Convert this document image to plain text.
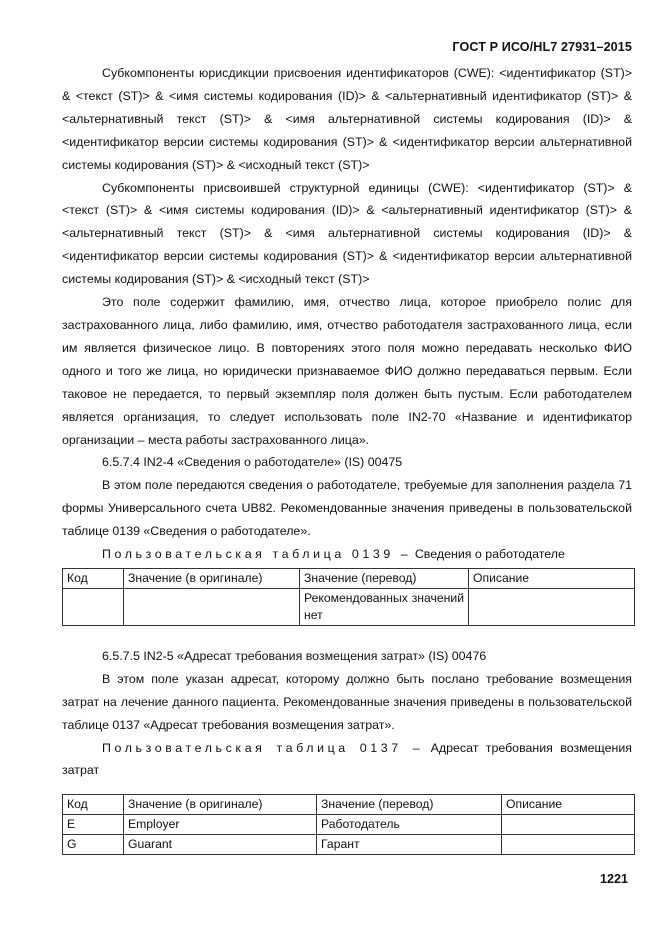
ГОСТ Р ИСО/HL7 27931–2015

Субкомпоненты юрисдикции присвоения идентификаторов (CWE): <идентификатор (ST)> & <текст (ST)> & <имя системы кодирования (ID)> & <альтернативный идентификатор (ST)> & <альтернативный текст (ST)> & <имя альтернативной системы кодирования (ID)> & <идентификатор версии системы кодирования (ST)> & <идентификатор версии альтернативной системы кодирования (ST)> & <исходный текст (ST)>

Субкомпоненты присвоившей структурной единицы (CWE): <идентификатор (ST)> & <текст (ST)> & <имя системы кодирования (ID)> & <альтернативный идентификатор (ST)> & <альтернативный текст (ST)> & <имя альтернативной системы кодирования (ID)> & <идентификатор версии системы кодирования (ST)> & <идентификатор версии альтернативной системы кодирования (ST)> & <исходный текст (ST)>

Это поле содержит фамилию, имя, отчество лица, которое приобрело полис для застрахованного лица, либо фамилию, имя, отчество работодателя застрахованного лица, если им является физическое лицо. В повторениях этого поля можно передавать несколько ФИО одного и того же лица, но юридически признаваемое ФИО должно передаваться первым. Если таковое не передается, то первый экземпляр поля должен быть пустым. Если работодателем является организация, то следует использовать поле IN2-70 «Название и идентификатор организации – места работы застрахованного лица».

6.5.7.4 IN2-4 «Сведения о работодателе» (IS) 00475

В этом поле передаются сведения о работодателе, требуемые для заполнения раздела 71 формы Универсального счета UB82. Рекомендованные значения приведены в пользовательской таблице 0139 «Сведения о работодателе».

Пользовательская таблица 0139 – Сведения о работодателе
Код	Значение (в оригинале)	Значение (перевод)	Описание
		Рекомендованных значений нет	

6.5.7.5 IN2-5 «Адресат требования возмещения затрат» (IS) 00476

В этом поле указан адресат, которому должно быть послано требование возмещения затрат на лечение данного пациента. Рекомендованные значения приведены в пользовательской таблице 0137 «Адресат требования возмещения затрат».

Пользовательская таблица 0137 – Адресат требования возмещения затрат
Код	Значение (в оригинале)	Значение (перевод)	Описание
E	Employer	Работодатель	
G	Guarant	Гарант	
1221
